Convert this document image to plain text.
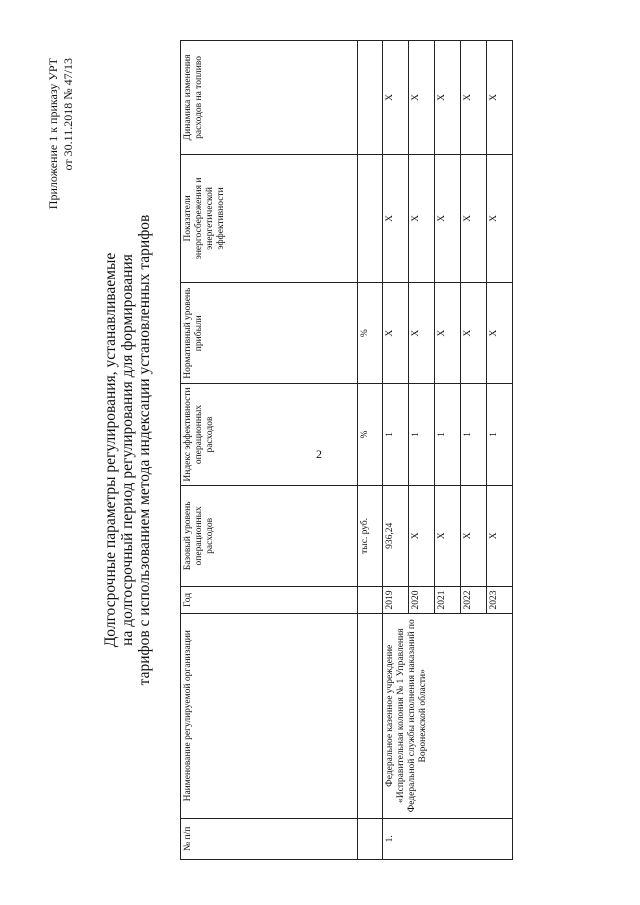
2
Приложение 1 к приказу УРТ от 30.11.2018 № 47/13
Долгосрочные параметры регулирования, устанавливаемые на долгосрочный период регулирования для формирования тарифов с использованием метода индексации установленных тарифов
№ п/п	Наименование регулируемой организации	Год	Базовый уровень операционных расходов	Индекс эффективности операционных расходов	Нормативный уровень прибыли	Показатели энергосбережения и энергетической эффективности	Динамика изменения расходов на топливо
			тыс. руб.	%	%		
1.	Федеральное казенное учреждение «Исправительная колония № 1 Управления Федеральной службы исполнения наказаний по Воронежской области»	2019	936,24	1	Х	Х	Х
		2020	Х	1	Х	Х	Х
		2021	Х	1	Х	Х	Х
		2022	Х	1	Х	Х	Х
		2023	Х	1	Х	Х	Х
